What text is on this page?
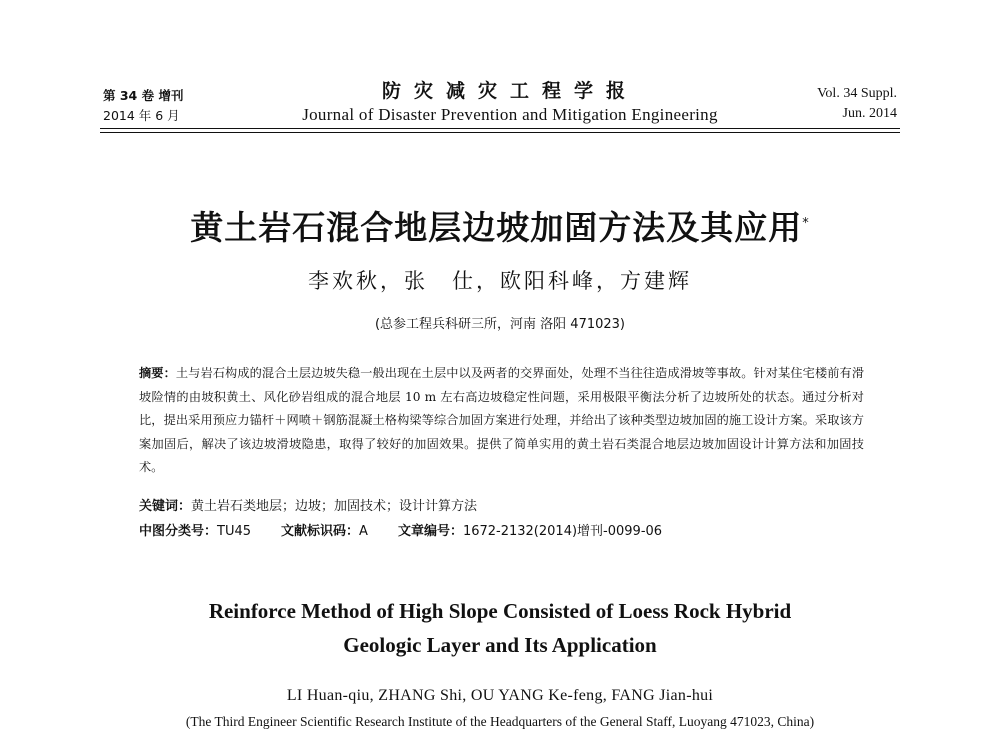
第 34 卷 增刊
2014 年 6 月
防灾减灾工程学报
Journal of Disaster Prevention and Mitigation Engineering
Vol. 34 Suppl.
Jun. 2014
黄土岩石混合地层边坡加固方法及其应用*
李欢秋，张　仕，欧阳科峰，方建辉
(总参工程兵科研三所，河南 洛阳 471023)
摘要：土与岩石构成的混合土层边坡失稳一般出现在土层中以及两者的交界面处，处理不当往往造成滑坡等事故。针对某住宅楼前有滑坡险情的由坡积黄土、风化砂岩组成的混合地层 10 m 左右高边坡稳定性问题，采用极限平衡法分析了边坡所处的状态。通过分析对比，提出采用预应力锚杆＋网喷＋钢筋混凝土格构梁等综合加固方案进行处理，并给出了该种类型边坡加固的施工设计方案。采取该方案加固后，解决了该边坡滑坡隐患，取得了较好的加固效果。提供了简单实用的黄土岩石类混合地层边坡加固设计计算方法和加固技术。
关键词：黄土岩石类地层；边坡；加固技术；设计计算方法
中图分类号：TU45 文献标识码：A 文章编号：1672-2132(2014)增刊-0099-06
Reinforce Method of High Slope Consisted of Loess Rock Hybrid
Geologic Layer and Its Application
LI Huan-qiu, ZHANG Shi, OU YANG Ke-feng, FANG Jian-hui
(The Third Engineer Scientific Research Institute of the Headquarters of the General Staff, Luoyang 471023, China)
